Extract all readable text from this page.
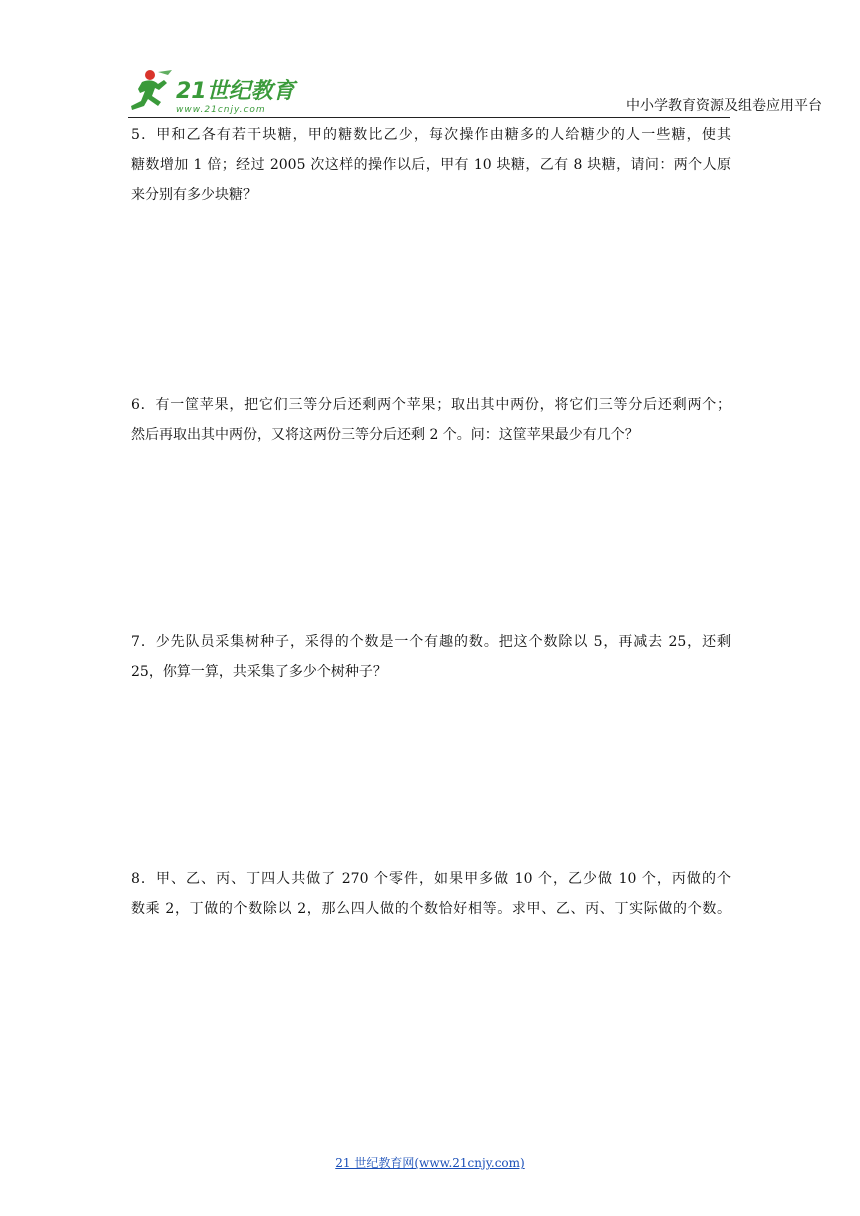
21世纪教育
www.21cnjy.com	中小学教育资源及组卷应用平台
5．甲和乙各有若干块糖，甲的糖数比乙少，每次操作由糖多的人给糖少的人一些糖，使其
糖数增加 1 倍；经过 2005 次这样的操作以后，甲有 10 块糖，乙有 8 块糖，请问：两个人原
来分别有多少块糖？
6．有一筐苹果，把它们三等分后还剩两个苹果；取出其中两份，将它们三等分后还剩两个；
然后再取出其中两份，又将这两份三等分后还剩 2 个。问：这筐苹果最少有几个？
7．少先队员采集树种子，采得的个数是一个有趣的数。把这个数除以 5，再减去 25，还剩
25，你算一算，共采集了多少个树种子？
8．甲、乙、丙、丁四人共做了 270 个零件，如果甲多做 10 个，乙少做 10 个，丙做的个
数乘 2，丁做的个数除以 2，那么四人做的个数恰好相等。求甲、乙、丙、丁实际做的个数。
21 世纪教育网(www.21cnjy.com)
